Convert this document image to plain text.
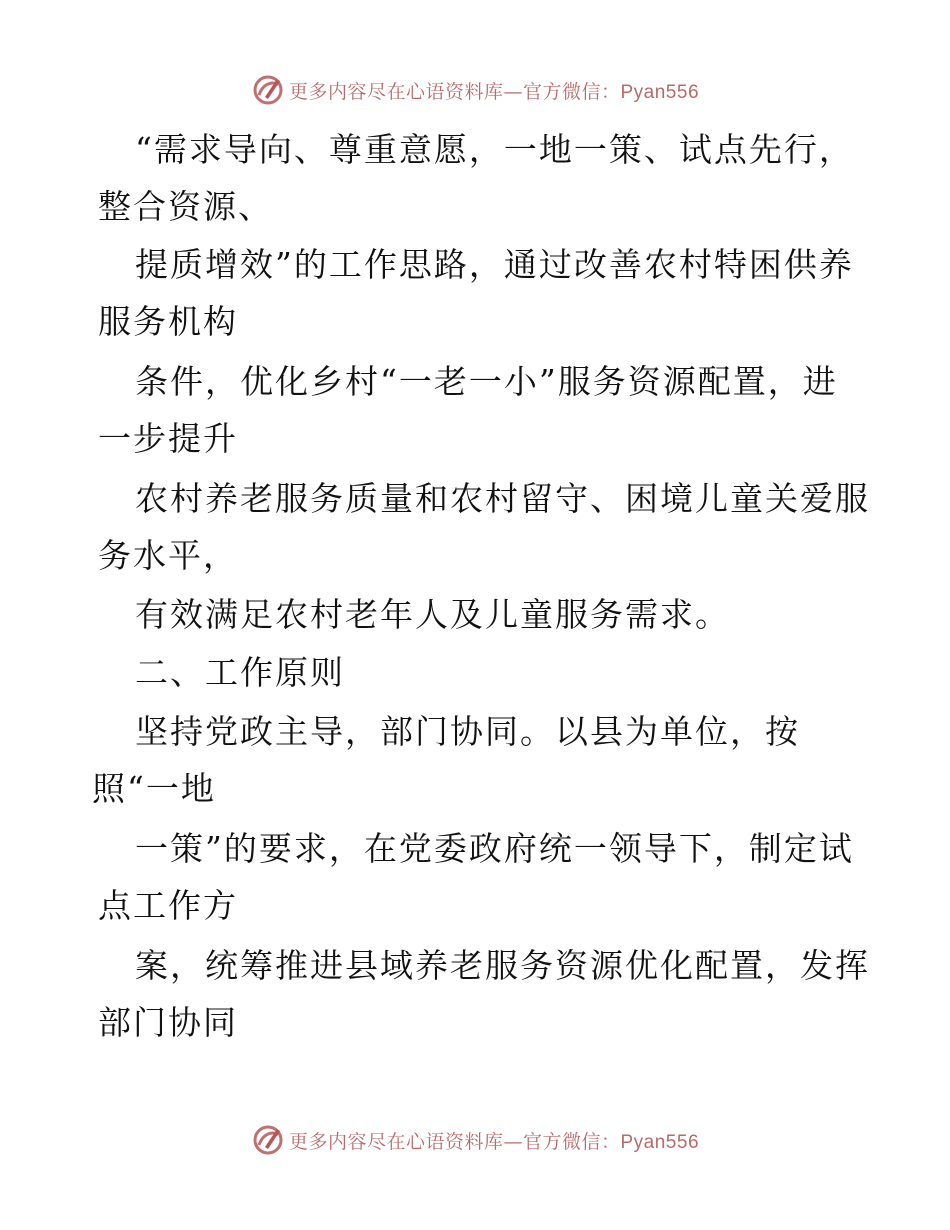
更多内容尽在心语资料库—官方微信：Pyan556
“需求导向、尊重意愿，一地一策、试点先行，
整合资源、
提质增效”的工作思路，通过改善农村特困供养
服务机构
条件，优化乡村“一老一小”服务资源配置，进
一步提升
农村养老服务质量和农村留守、困境儿童关爱服
务水平，
有效满足农村老年人及儿童服务需求。
二、工作原则
坚持党政主导，部门协同。以县为单位，按
照“一地
一策”的要求，在党委政府统一领导下，制定试
点工作方
案，统筹推进县域养老服务资源优化配置，发挥
部门协同
更多内容尽在心语资料库—官方微信：Pyan556
